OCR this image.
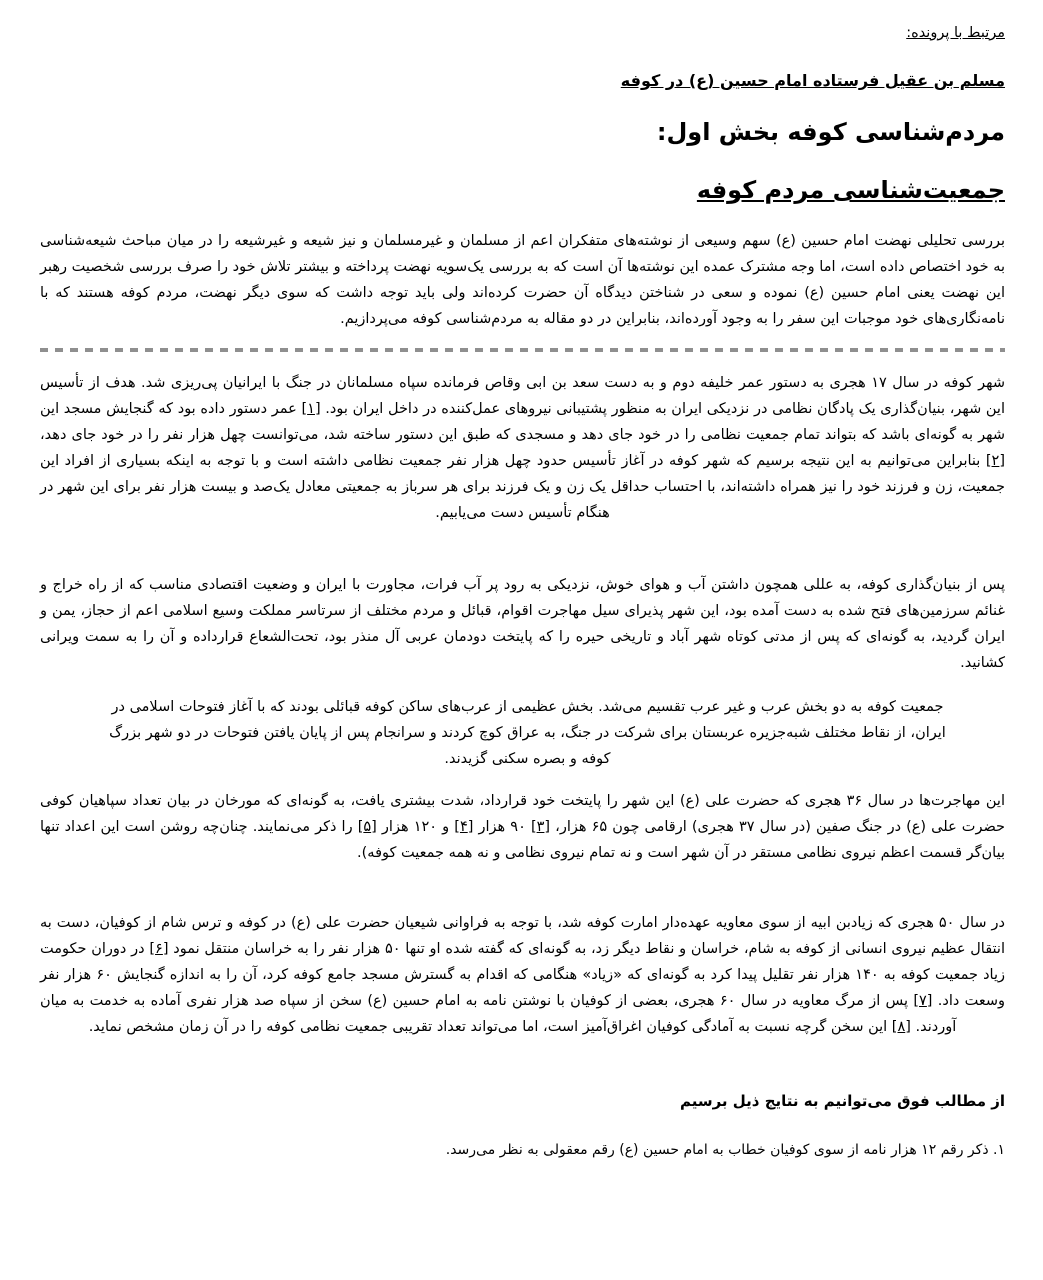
مرتبط با پرونده:
مسلم بن عقیل فرستاده امام حسین (ع) در کوفه
مردم‌شناسی کوفه بخش اول:
جمعیت‌شناسی مردم کوفه

بررسی تحلیلی نهضت امام حسین (ع) سهم وسیعی از نوشته‌های متفکران اعم از مسلمان و غیرمسلمان و نیز شیعه و غیرشیعه را در میان مباحث شیعه‌شناسی به خود اختصاص داده است، اما وجه مشترک عمده این نوشته‌ها آن است که به بررسی یک‌سویه نهضت پرداخته و بیشتر تلاش خود را صرف بررسی شخصیت رهبر این نهضت یعنی امام حسین (ع) نموده و سعی در شناختن دیدگاه آن حضرت کرده‌اند ولی باید توجه داشت که سوی دیگر نهضت، مردم کوفه هستند که با نامه‌نگاری‌های خود موجبات این سفر را به وجود آورده‌اند، بنابراین در دو مقاله به مردم‌شناسی کوفه می‌پردازیم.

شهر کوفه در سال ۱۷ هجری به دستور عمر خلیفه دوم و به دست سعد بن ابی وقاص فرمانده سپاه مسلمانان در جنگ با ایرانیان پی‌ریزی شد. هدف از تأسیس این شهر، بنیان‌گذاری یک پادگان نظامی در نزدیکی ایران به منظور پشتیبانی نیروهای عمل‌کننده در داخل ایران بود. [۱] عمر دستور داده بود که گنجایش مسجد این شهر به گونه‌ای باشد که بتواند تمام جمعیت نظامی را در خود جای دهد و مسجدی که طبق این دستور ساخته شد، می‌توانست چهل هزار نفر را در خود جای دهد، [۲] بنابراین می‌توانیم به این نتیجه برسیم که شهر کوفه در آغاز تأسیس حدود چهل هزار نفر جمعیت نظامی داشته است و با توجه به اینکه بسیاری از افراد این جمعیت، زن و فرزند خود را نیز همراه داشته‌اند، با احتساب حداقل یک زن و یک فرزند برای هر سرباز به جمعیتی معادل یک‌صد و بیست هزار نفر برای این شهر در هنگام تأسیس دست می‌یابیم.

پس از بنیان‌گذاری کوفه، به عللی همچون داشتن آب و هوای خوش، نزدیکی به رود پر آب فرات، مجاورت با ایران و وضعیت اقتصادی مناسب که از راه خراج و غنائم سرزمین‌های فتح شده به دست آمده بود، این شهر پذیرای سیل مهاجرت اقوام، قبائل و مردم مختلف از سرتاسر مملکت وسیع اسلامی اعم از حجاز، یمن و ایران گردید، به گونه‌ای که پس از مدتی کوتاه شهر آباد و تاریخی حیره را که پایتخت دودمان عربی آل منذر بود، تحت‌الشعاع قرارداده و آن را به سمت ویرانی کشانید.

جمعیت کوفه به دو بخش عرب و غیر عرب تقسیم می‌شد. بخش عظیمی از عرب‌های ساکن کوفه قبائلی بودند که با آغاز فتوحات اسلامی در ایران، از نقاط مختلف شبه‌جزیره عربستان برای شرکت در جنگ، به عراق کوچ کردند و سرانجام پس از پایان یافتن فتوحات در دو شهر بزرگ کوفه و بصره سکنی گزیدند.

این مهاجرت‌ها در سال ۳۶ هجری که حضرت علی (ع) این شهر را پایتخت خود قرارداد، شدت بیشتری یافت، به گونه‌ای که مورخان در بیان تعداد سپاهیان کوفی حضرت علی (ع) در جنگ صفین (در سال ۳۷ هجری) ارقامی چون ۶۵ هزار، [۳] ۹۰ هزار [۴] و ۱۲۰ هزار [۵] را ذکر می‌نمایند. چنان‌چه روشن است این اعداد تنها بیان‌گر قسمت اعظم نیروی نظامی مستقر در آن شهر است و نه تمام نیروی نظامی و نه همه جمعیت کوفه).

در سال ۵۰ هجری که زیادبن ابیه از سوی معاویه عهده‌دار امارت کوفه شد، با توجه به فراوانی شیعیان حضرت علی (ع) در کوفه و ترس شام از کوفیان، دست به انتقال عظیم نیروی انسانی از کوفه به شام، خراسان و نقاط دیگر زد، به گونه‌ای که گفته شده او تنها ۵۰ هزار نفر را به خراسان منتقل نمود [۶] در دوران حکومت زیاد جمعیت کوفه به ۱۴۰ هزار نفر تقلیل پیدا کرد به گونه‌ای که «زیاد» هنگامی که اقدام به گسترش مسجد جامع کوفه کرد، آن را به اندازه گنجایش ۶۰ هزار نفر وسعت داد. [۷] پس از مرگ معاویه در سال ۶۰ هجری، بعضی از کوفیان با نوشتن نامه به امام حسین (ع) سخن از سپاه صد هزار نفری آماده به خدمت به میان آوردند. [۸] این سخن گرچه نسبت به آمادگی کوفیان اغراق‌آمیز است، اما می‌تواند تعداد تقریبی جمعیت نظامی کوفه را در آن زمان مشخص نماید.

از مطالب فوق می‌توانیم به نتایج ذیل برسیم

۱. ذکر رقم ۱۲ هزار نامه از سوی کوفیان خطاب به امام حسین (ع) رقم معقولی به نظر می‌رسد.
